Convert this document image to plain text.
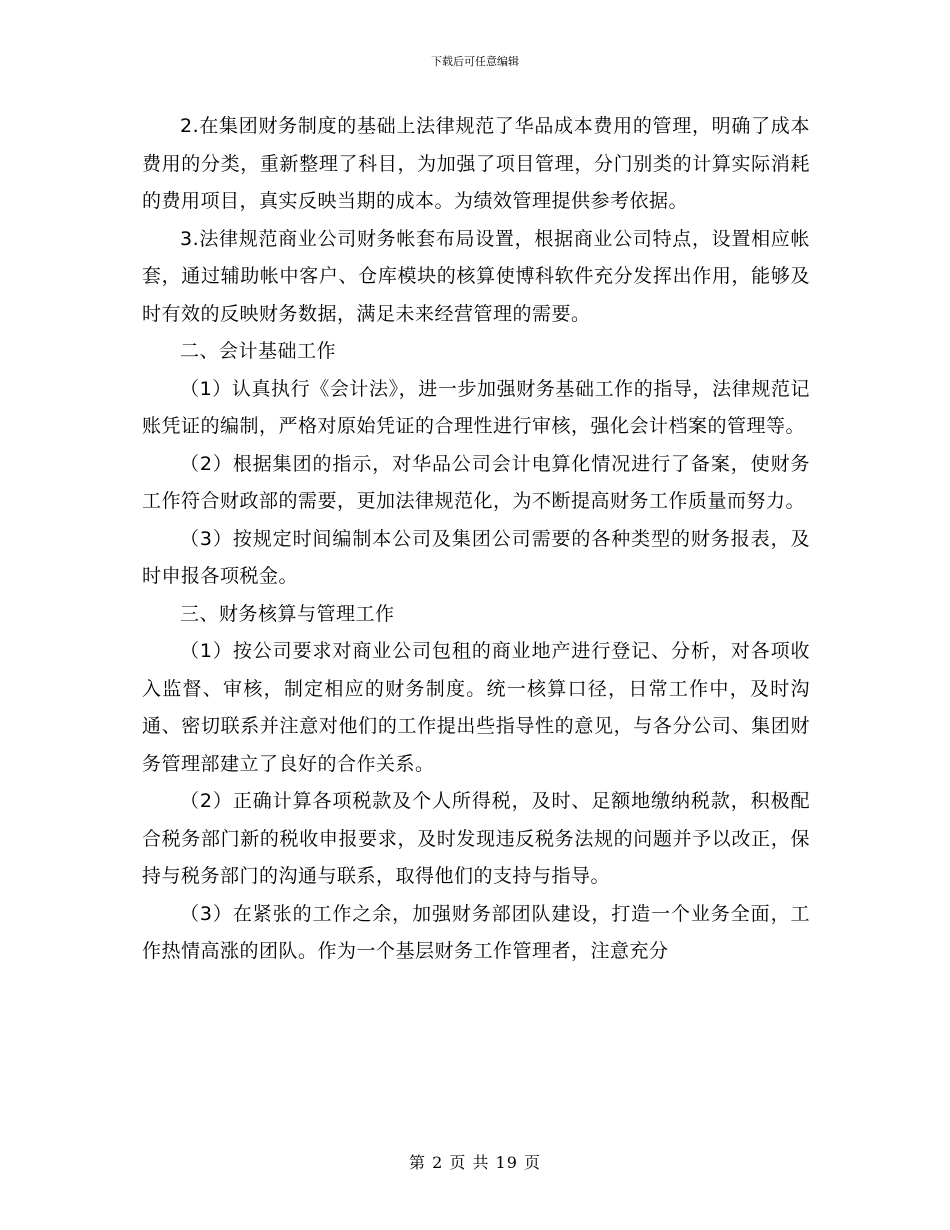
下载后可任意编辑

2.在集团财务制度的基础上法律规范了华品成本费用的管理，明确了成本费用的分类，重新整理了科目，为加强了项目管理，分门别类的计算实际消耗的费用项目，真实反映当期的成本。为绩效管理提供参考依据。

3.法律规范商业公司财务帐套布局设置，根据商业公司特点，设置相应帐套，通过辅助帐中客户、仓库模块的核算使博科软件充分发挥出作用，能够及时有效的反映财务数据，满足未来经营管理的需要。

二、会计基础工作

（1）认真执行《会计法》，进一步加强财务基础工作的指导，法律规范记账凭证的编制，严格对原始凭证的合理性进行审核，强化会计档案的管理等。

（2）根据集团的指示，对华品公司会计电算化情况进行了备案，使财务工作符合财政部的需要，更加法律规范化，为不断提高财务工作质量而努力。

（3）按规定时间编制本公司及集团公司需要的各种类型的财务报表，及时申报各项税金。

三、财务核算与管理工作

（1）按公司要求对商业公司包租的商业地产进行登记、分析，对各项收入监督、审核，制定相应的财务制度。统一核算口径，日常工作中，及时沟通、密切联系并注意对他们的工作提出些指导性的意见，与各分公司、集团财务管理部建立了良好的合作关系。

（2）正确计算各项税款及个人所得税，及时、足额地缴纳税款，积极配合税务部门新的税收申报要求，及时发现违反税务法规的问题并予以改正，保持与税务部门的沟通与联系，取得他们的支持与指导。

（3）在紧张的工作之余，加强财务部团队建设，打造一个业务全面，工作热情高涨的团队。作为一个基层财务工作管理者，注意充分

第 2 页 共 19 页
